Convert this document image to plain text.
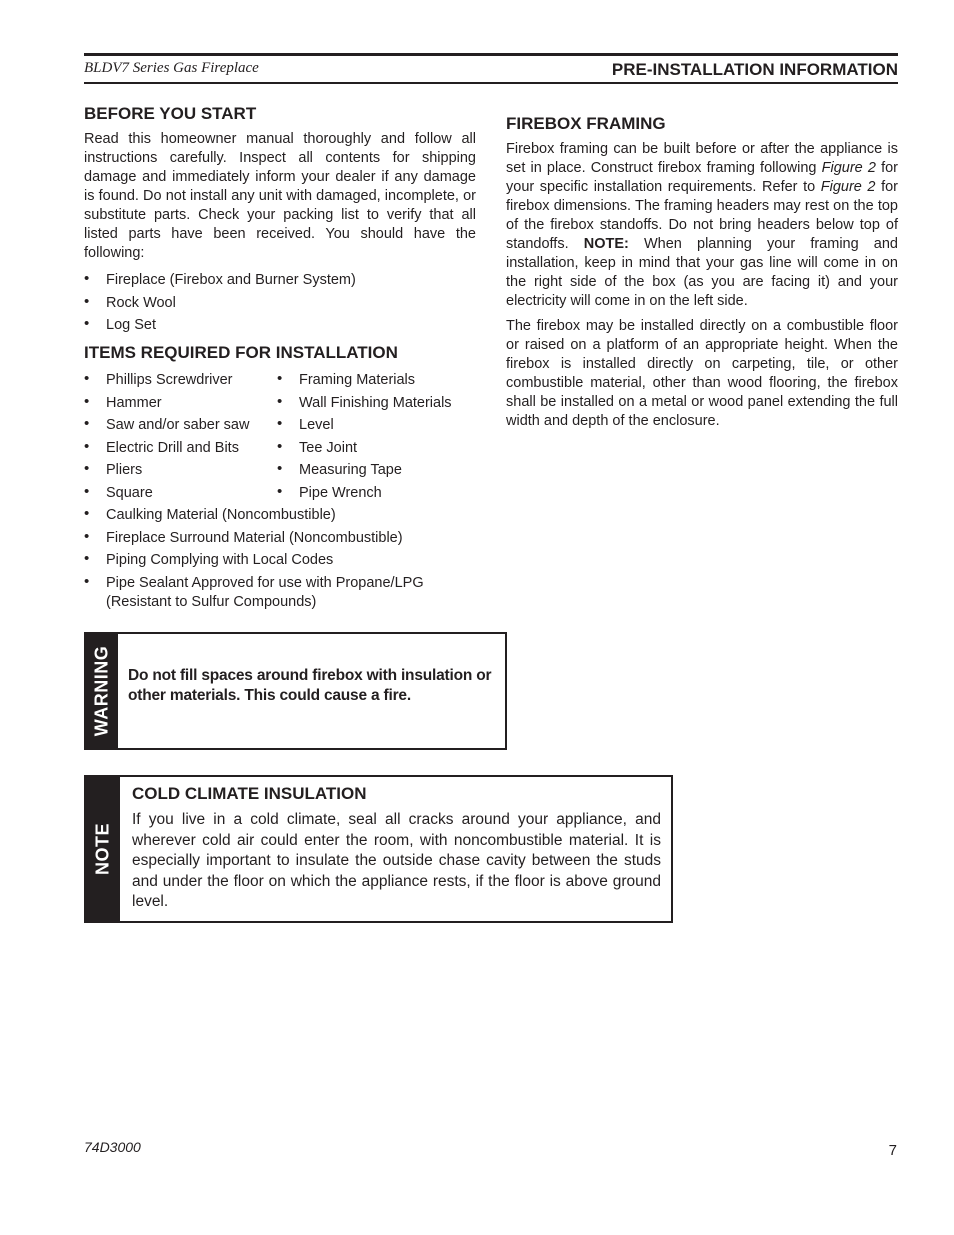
BLDV7 Series Gas Fireplace	PRE-INSTALLATION INFORMATION
BEFORE YOU START

Read this homeowner manual thoroughly and follow all instructions carefully. Inspect all contents for shipping damage and immediately inform your dealer if any damage is found. Do not install any unit with damaged, incomplete, or substitute parts. Check your packing list to verify that all listed parts have been received. You should have the following:

• Fireplace (Firebox and Burner System)
• Rock Wool
• Log Set
ITEMS REQUIRED FOR INSTALLATION
• Phillips Screwdriver
• Hammer
• Saw and/or saber saw
• Electric Drill and Bits
• Pliers
• Square
• Framing Materials
• Wall Finishing Materials
• Level
• Tee Joint
• Measuring Tape
• Pipe Wrench
• Caulking Material (Noncombustible)
• Fireplace Surround Material (Noncombustible)
• Piping Complying with Local Codes
• Pipe Sealant Approved for use with Propane/LPG (Resistant to Sulfur Compounds)
FIREBOX FRAMING

Firebox framing can be built before or after the appliance is set in place. Construct firebox framing following Figure 2 for your specific installation requirements. Refer to Figure 2 for firebox dimensions. The framing headers may rest on the top of the firebox standoffs. Do not bring headers below top of standoffs. NOTE: When planning your framing and installation, keep in mind that your gas line will come in on the right side of the box (as you are facing it) and your electricity will come in on the left side.

The firebox may be installed directly on a combustible floor or raised on a platform of an appropriate height. When the firebox is installed directly on carpeting, tile, or other combustible material, other than wood flooring, the firebox shall be installed on a metal or wood panel extending the full width and depth of the enclosure.

WARNING Do not fill spaces around firebox with insulation or other materials. This could cause a fire.
NOTE
COLD CLIMATE INSULATION
If you live in a cold climate, seal all cracks around your appliance, and wherever cold air could enter the room, with noncombustible material. It is especially important to insulate the outside chase cavity between the studs and under the floor on which the appliance rests, if the floor is above ground level.
74D3000	7
